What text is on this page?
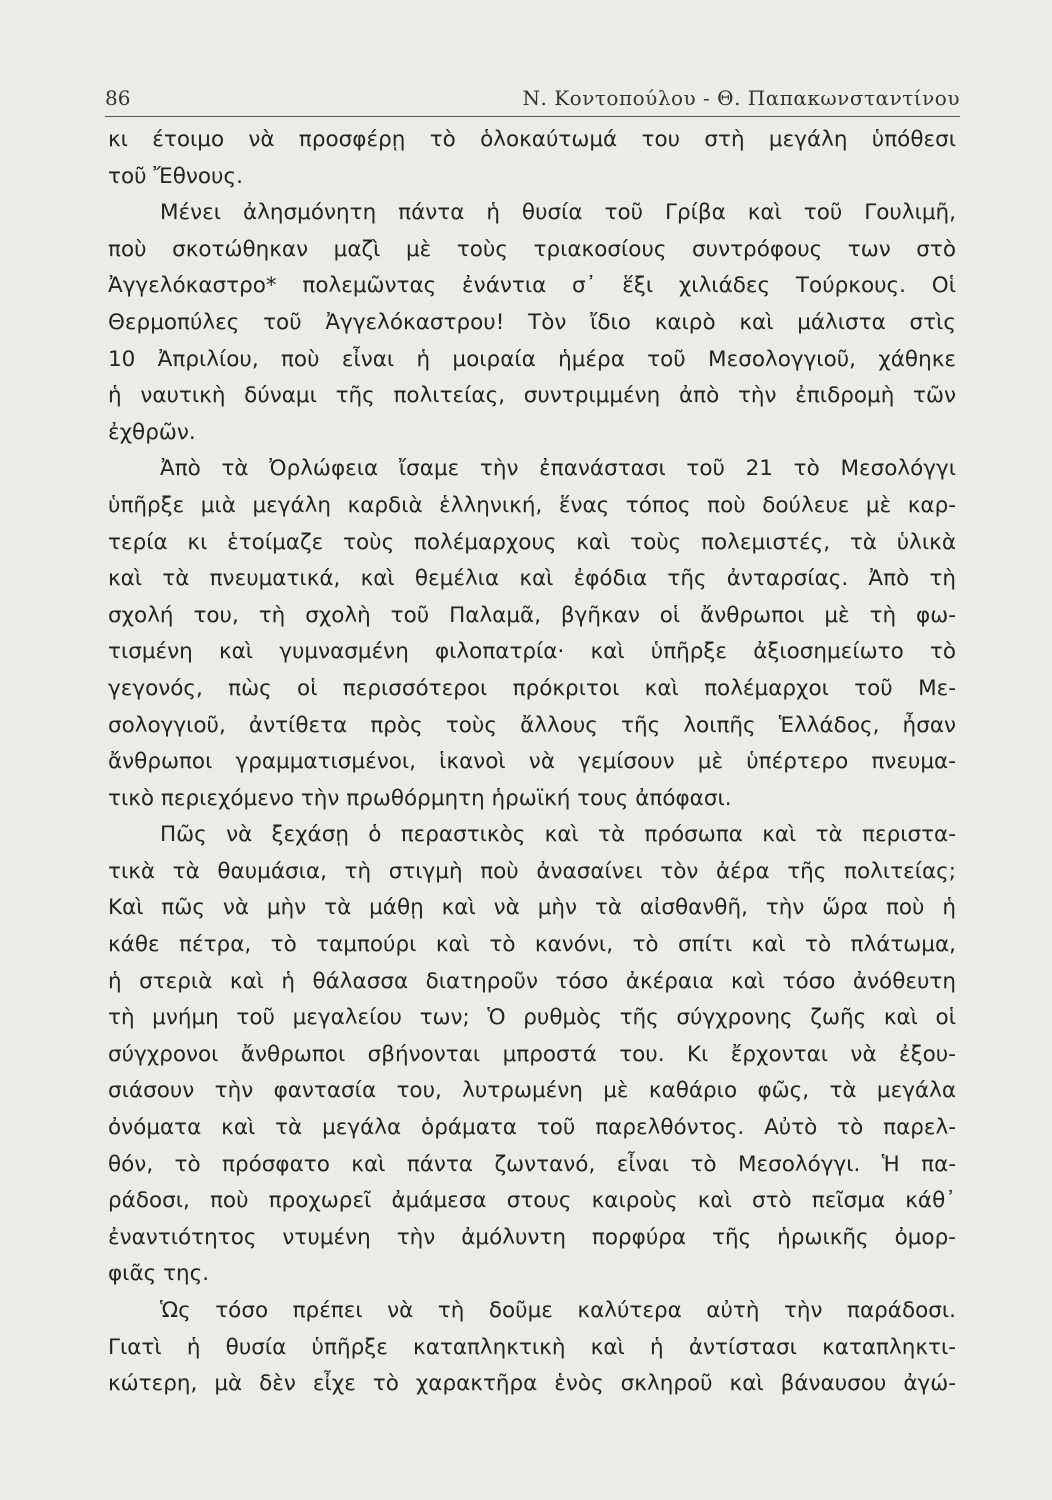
86	Ν. Κοντοπούλου - Θ. Παπακωνσταντίνου
κι έτοιμο νὰ προσφέρῃ τὸ ὁλοκαύτωμά του στὴ μεγάλη ὑπόθεσι
τοῦ Ἔθνους.
Μένει ἀλησμόνητη πάντα ἡ θυσία τοῦ Γρίβα καὶ τοῦ Γουλιμῆ,
ποὺ σκοτώθηκαν μαζὶ μὲ τοὺς τριακοσίους συντρόφους των στὸ
Ἀγγελόκαστρο* πολεμῶντας ἐνάντια σ᾽ ἕξι χιλιάδες Τούρκους. Οἱ
Θερμοπύλες τοῦ Ἀγγελόκαστρου! Τὸν ἴδιο καιρὸ καὶ μάλιστα στὶς
10 Ἀπριλίου, ποὺ εἶναι ἡ μοιραία ἡμέρα τοῦ Μεσολογγιοῦ, χάθηκε
ἡ ναυτικὴ δύναμι τῆς πολιτείας, συντριμμένη ἀπὸ τὴν ἐπιδρομὴ τῶν
ἐχθρῶν.
Ἀπὸ τὰ Ὀρλώφεια ἴσαμε τὴν ἐπανάστασι τοῦ 21 τὸ Μεσολόγγι
ὑπῆρξε μιὰ μεγάλη καρδιὰ ἑλληνική, ἕνας τόπος ποὺ δούλευε μὲ καρ-
τερία κι ἑτοίμαζε τοὺς πολέμαρχους καὶ τοὺς πολεμιστές, τὰ ὑλικὰ
καὶ τὰ πνευματικά, καὶ θεμέλια καὶ ἐφόδια τῆς ἀνταρσίας. Ἀπὸ τὴ
σχολή του, τὴ σχολὴ τοῦ Παλαμᾶ, βγῆκαν οἱ ἄνθρωποι μὲ τὴ φω-
τισμένη καὶ γυμνασμένη φιλοπατρία· καὶ ὑπῆρξε ἀξιοσημείωτο τὸ
γεγονός, πὼς οἱ περισσότεροι πρόκριτοι καὶ πολέμαρχοι τοῦ Με-
σολογγιοῦ, ἀντίθετα πρὸς τοὺς ἄλλους τῆς λοιπῆς Ἑλλάδος, ἦσαν
ἄνθρωποι γραμματισμένοι, ἱκανοὶ νὰ γεμίσουν μὲ ὑπέρτερο πνευμα-
τικὸ περιεχόμενο τὴν πρωθόρμητη ἡρωϊκή τους ἀπόφασι.
Πῶς νὰ ξεχάσῃ ὁ περαστικὸς καὶ τὰ πρόσωπα καὶ τὰ περιστα-
τικὰ τὰ θαυμάσια, τὴ στιγμὴ ποὺ ἀνασαίνει τὸν ἀέρα τῆς πολιτείας;
Καὶ πῶς νὰ μὴν τὰ μάθῃ καὶ νὰ μὴν τὰ αἰσθανθῆ, τὴν ὥρα ποὺ ἡ
κάθε πέτρα, τὸ ταμπούρι καὶ τὸ κανόνι, τὸ σπίτι καὶ τὸ πλάτωμα,
ἡ στεριὰ καὶ ἡ θάλασσα διατηροῦν τόσο ἀκέραια καὶ τόσο ἀνόθευτη
τὴ μνήμη τοῦ μεγαλείου των; Ὁ ρυθμὸς τῆς σύγχρονης ζωῆς καὶ οἱ
σύγχρονοι ἄνθρωποι σβήνονται μπροστά του. Κι ἔρχονται νὰ ἐξου-
σιάσουν τὴν φαντασία του, λυτρωμένη μὲ καθάριο φῶς, τὰ μεγάλα
ὀνόματα καὶ τὰ μεγάλα ὁράματα τοῦ παρελθόντος. Αὐτὸ τὸ παρελ-
θόν, τὸ πρόσφατο καὶ πάντα ζωντανό, εἶναι τὸ Μεσολόγγι. Ἡ πα-
ράδοσι, ποὺ προχωρεῖ ἀμάμεσα στους καιροὺς καὶ στὸ πεῖσμα κάθ᾽
ἐναντιότητος ντυμένη τὴν ἀμόλυντη πορφύρα τῆς ἡρωικῆς ὀμορ-
φιᾶς της.
Ὡς τόσο πρέπει νὰ τὴ δοῦμε καλύτερα αὐτὴ τὴν παράδοσι.
Γιατὶ ἡ θυσία ὑπῆρξε καταπληκτικὴ καὶ ἡ ἀντίστασι καταπληκτι-
κώτερη, μὰ δὲν εἶχε τὸ χαρακτῆρα ἑνὸς σκληροῦ καὶ βάναυσου ἀγώ-
